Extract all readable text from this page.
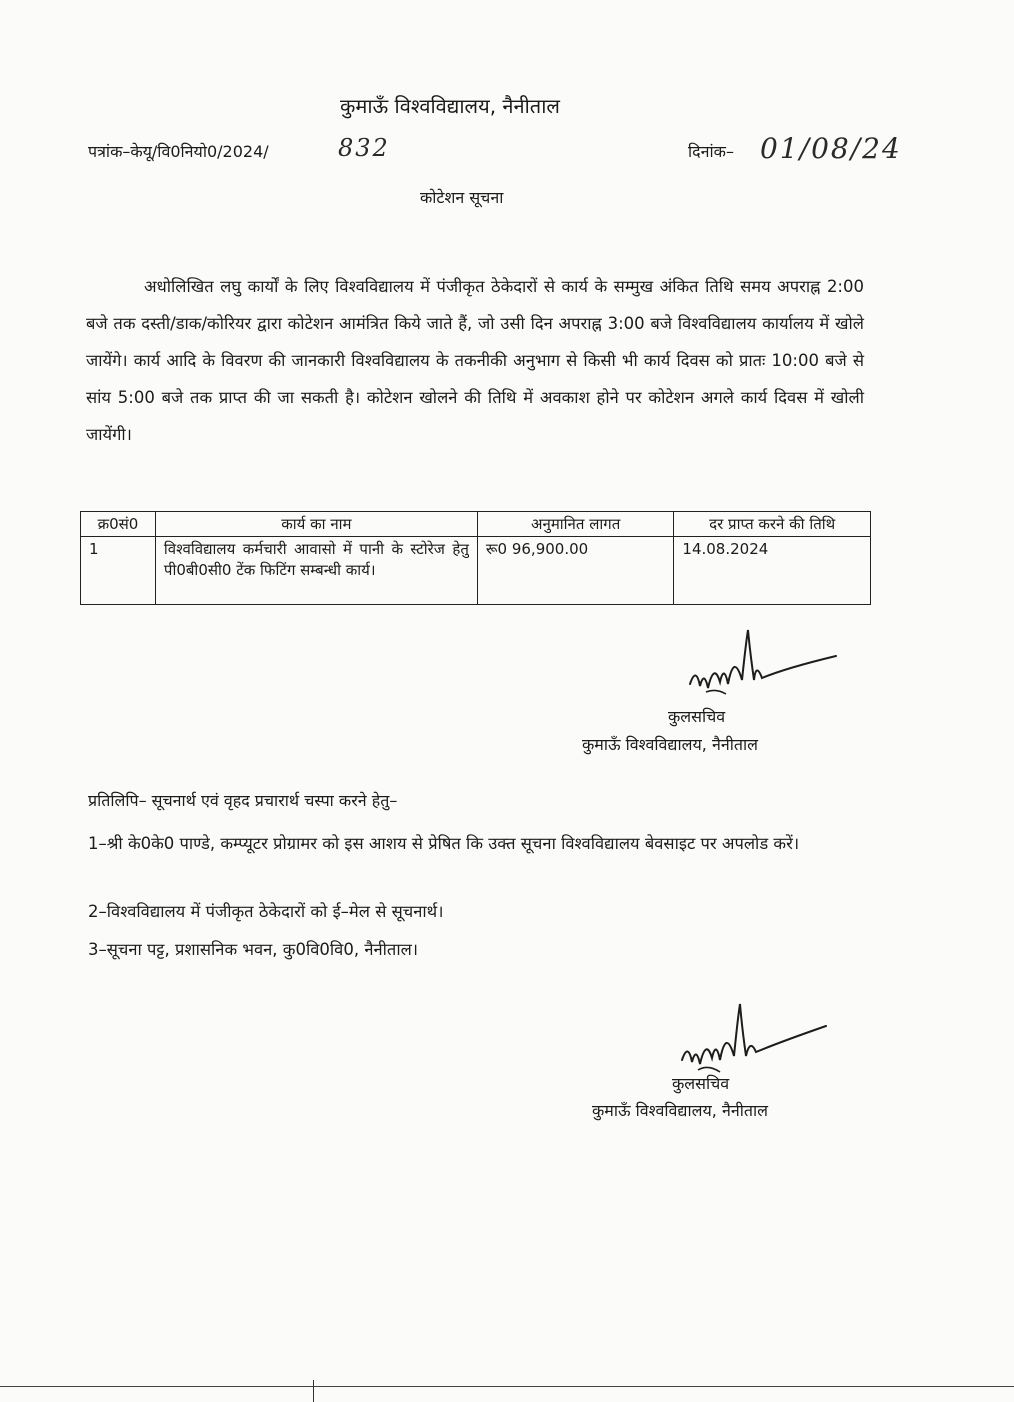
कुमाऊँ विश्वविद्यालय, नैनीताल
पत्रांक–केयू/वि0नियो0/2024/	832	दिनांक– 01/08/24
कोटेशन सूचना
अधोलिखित लघु कार्यों के लिए विश्वविद्यालय में पंजीकृत ठेकेदारों से कार्य के सम्मुख अंकित तिथि समय अपराह्न 2:00 बजे तक दस्ती/डाक/कोरियर द्वारा कोटेशन आमंत्रित किये जाते हैं, जो उसी दिन अपराह्न 3:00 बजे विश्वविद्यालय कार्यालय में खोले जायेंगे। कार्य आदि के विवरण की जानकारी विश्वविद्यालय के तकनीकी अनुभाग से किसी भी कार्य दिवस को प्रातः 10:00 बजे से सांय 5:00 बजे तक प्राप्त की जा सकती है। कोटेशन खोलने की तिथि में अवकाश होने पर कोटेशन अगले कार्य दिवस में खोली जायेंगी।
क्र0सं0	कार्य का नाम	अनुमानित लागत	दर प्राप्त करने की तिथि
1	विश्वविद्यालय कर्मचारी आवासो में पानी के स्टोरेज हेतु पी0बी0सी0 टेंक फिटिंग सम्बन्धी कार्य।	रू0 96,900.00	14.08.2024
कुलसचिव
कुमाऊँ विश्वविद्यालय, नैनीताल
प्रतिलिपि– सूचनार्थ एवं वृहद प्रचारार्थ चस्पा करने हेतु–
1–श्री के0के0 पाण्डे, कम्प्यूटर प्रोग्रामर को इस आशय से प्रेषित कि उक्त सूचना विश्वविद्यालय बेवसाइट पर अपलोड करें।
2–विश्वविद्यालय में पंजीकृत ठेकेदारों को ई–मेल से सूचनार्थ।
3–सूचना पट्ट, प्रशासनिक भवन, कु0वि0वि0, नैनीताल।
कुलसचिव
कुमाऊँ विश्वविद्यालय, नैनीताल
